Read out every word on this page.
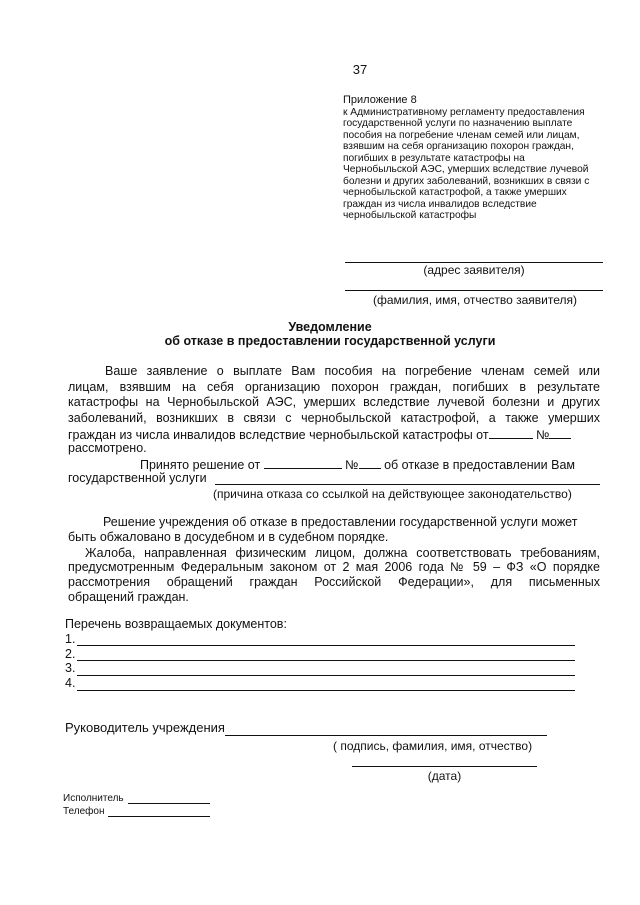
37
Приложение 8
к Административному регламенту предоставления
государственной услуги по назначению выплате
пособия на погребение членам семей или лицам,
взявшим на себя организацию похорон граждан,
погибших в результате катастрофы на
Чернобыльской АЭС, умерших вследствие лучевой
болезни и других заболеваний, возникших в связи с
чернобыльской катастрофой, а также умерших
граждан из числа инвалидов вследствие
чернобыльской катастрофы
(адрес заявителя)
(фамилия, имя, отчество заявителя)
Уведомление
об отказе в предоставлении государственной услуги
Ваше заявление о выплате Вам пособия на погребение членам семей или
лицам, взявшим на себя организацию похорон граждан, погибших в результате
катастрофы на Чернобыльской АЭС, умерших вследствие лучевой болезни и других
заболеваний, возникших в связи с чернобыльской катастрофой, а также умерших
граждан из числа инвалидов вследствие чернобыльской катастрофы от	№
рассмотрено.
Принято решение от	№ об отказе в предоставлении Вам
государственной услуги
(причина отказа со ссылкой на действующее законодательство)
Решение учреждения об отказе в предоставлении государственной услуги может
быть обжаловано в досудебном и в судебном порядке.
Жалоба, направленная физическим лицом, должна соответствовать требованиям,
предусмотренным Федеральным законом от 2 мая 2006 года № 59 – ФЗ «О порядке
рассмотрения обращений граждан Российской Федерации», для письменных
обращений граждан.
Перечень возвращаемых документов:
1.
2.
3.
4.
Руководитель учреждения
( подпись, фамилия, имя, отчество)
(дата)
Исполнитель
Телефон
